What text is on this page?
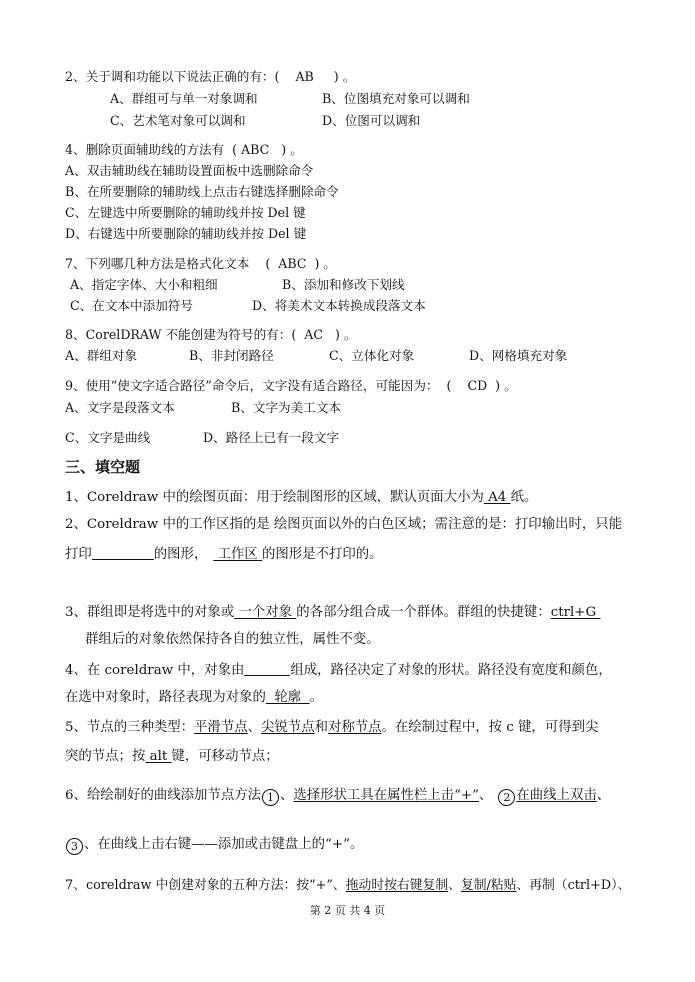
2、关于调和功能以下说法正确的有：(    AB     ) 。
A、群组可与单一对象调和	B、位图填充对象可以调和
C、艺术笔对象可以调和	D、位图可以调和
4、删除页面辅助线的方法有  ( ABC   ) 。
A、双击辅助线在辅助设置面板中选删除命令
B、在所要删除的辅助线上点击右键选择删除命令
C、左键选中所要删除的辅助线并按 Del 键
D、右键选中所要删除的辅助线并按 Del 键
7、下列哪几种方法是格式化文本    (  ABC  ) 。
A、指定字体、大小和粗细	B、添加和修改下划线
C、在文本中添加符号	D、将美术文本转换成段落文本
8、CorelDRAW 不能创建为符号的有：(  AC   ) 。
A、群组对象	B、非封闭路径	C、立体化对象	D、网格填充对象
9、使用“使文字适合路径”命令后，文字没有适合路径，可能因为：  (    CD  ) 。
A、文字是段落文本	B、文字为美工文本
C、文字是曲线	D、路径上已有一段文字
三、填空题
1、Coreldraw 中的绘图页面：用于绘制图形的区域，默认页面大小为 A4 纸。
2、Coreldraw 中的工作区指的是 绘图页面以外的白色区域；需注意的是：打印输出时，只能
打印	的图形， 工作区 的图形是不打印的。
3、群组即是将选中的对象或 一个对象 的各部分组合成一个群体。群组的快捷键：ctrl+G
群组后的对象依然保持各自的独立性，属性不变。
4、在 coreldraw 中，对象由	组成，路径决定了对象的形状。路径没有宽度和颜色，
在选中对象时，路径表现为对象的  轮廓  。
5、节点的三种类型：平滑节点、尖锐节点和对称节点。在绘制过程中，按 c 键，可得到尖
突的节点；按 alt 键，可移动节点；
6、给绘制好的曲线添加节点方法 1 、选择形状工具在属性栏上击“+”、 2 在曲线上双击、
3 、在曲线上击右键——添加或击键盘上的“+”。
7、coreldraw 中创建对象的五种方法：按“+”、拖动时按右键复制、复制/粘贴、再制（ctrl+D）、
第 2 页 共 4 页
